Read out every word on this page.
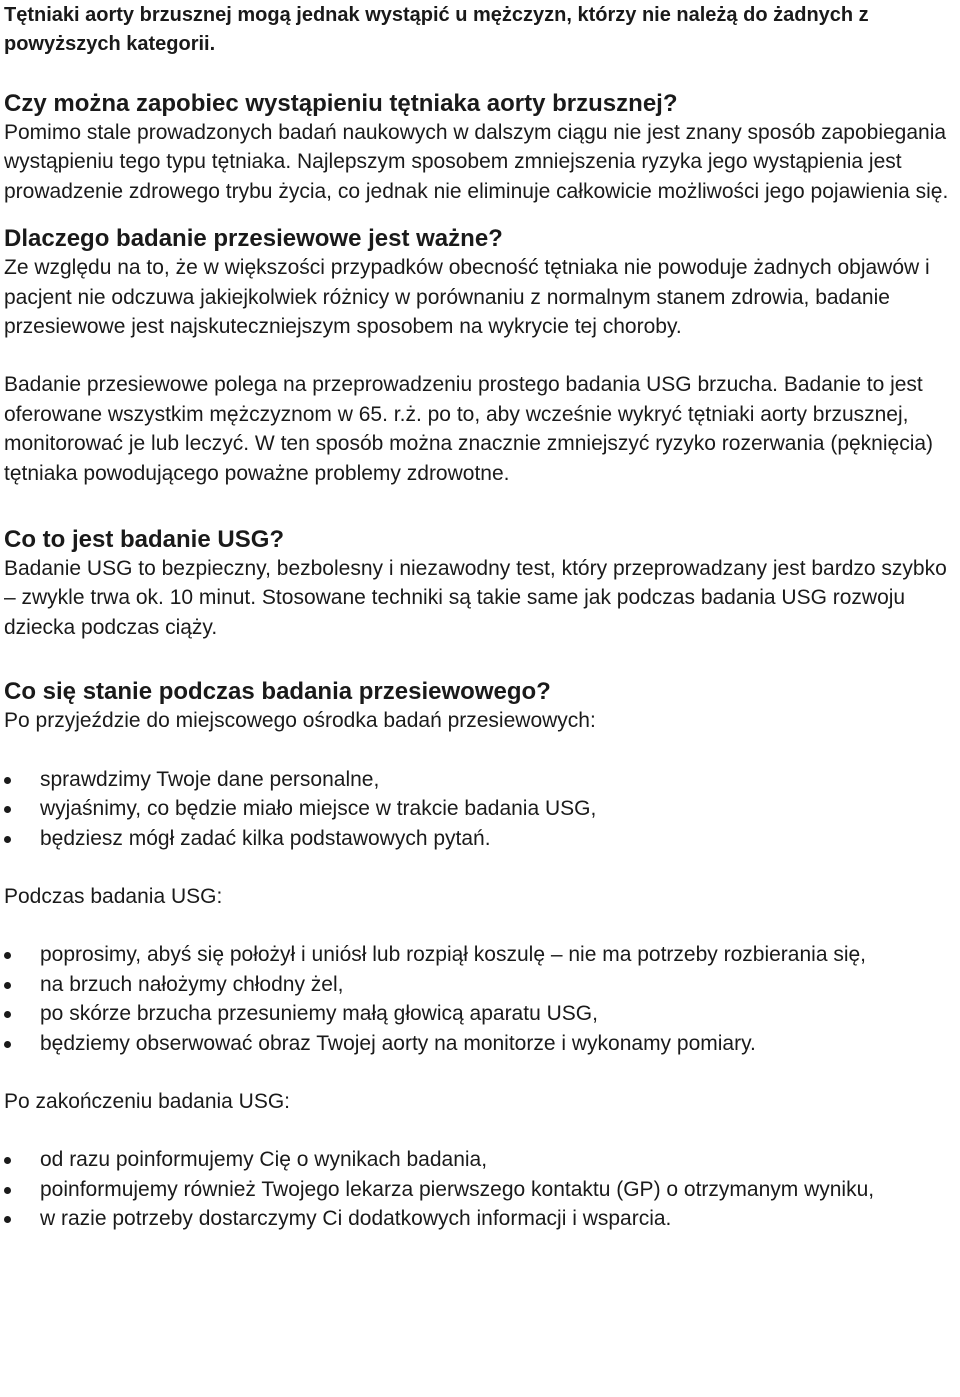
Tętniaki aorty brzusznej mogą jednak wystąpić u mężczyzn, którzy nie należą do żadnych z powyższych kategorii.

Czy można zapobiec wystąpieniu tętniaka aorty brzusznej?

Pomimo stale prowadzonych badań naukowych w dalszym ciągu nie jest znany sposób zapobiegania wystąpieniu tego typu tętniaka. Najlepszym sposobem zmniejszenia ryzyka jego wystąpienia jest prowadzenie zdrowego trybu życia, co jednak nie eliminuje całkowicie możliwości jego pojawienia się.

Dlaczego badanie przesiewowe jest ważne?

Ze względu na to, że w większości przypadków obecność tętniaka nie powoduje żadnych objawów i pacjent nie odczuwa jakiejkolwiek różnicy w porównaniu z normalnym stanem zdrowia, badanie przesiewowe jest najskuteczniejszym sposobem na wykrycie tej choroby.

Badanie przesiewowe polega na przeprowadzeniu prostego badania USG brzucha. Badanie to jest oferowane wszystkim mężczyznom w 65. r.ż. po to, aby wcześnie wykryć tętniaki aorty brzusznej, monitorować je lub leczyć. W ten sposób można znacznie zmniejszyć ryzyko rozerwania (pęknięcia) tętniaka powodującego poważne problemy zdrowotne.

Co to jest badanie USG?

Badanie USG to bezpieczny, bezbolesny i niezawodny test, który przeprowadzany jest bardzo szybko – zwykle trwa ok. 10 minut. Stosowane techniki są takie same jak podczas badania USG rozwoju dziecka podczas ciąży.

Co się stanie podczas badania przesiewowego?

Po przyjeździe do miejscowego ośrodka badań przesiewowych:

sprawdzimy Twoje dane personalne,
wyjaśnimy, co będzie miało miejsce w trakcie badania USG,
będziesz mógł zadać kilka podstawowych pytań.

Podczas badania USG:

poprosimy, abyś się położył i uniósł lub rozpiął koszulę – nie ma potrzeby rozbierania się,
na brzuch nałożymy chłodny żel,
po skórze brzucha przesuniemy małą głowicą aparatu USG,
będziemy obserwować obraz Twojej aorty na monitorze i wykonamy pomiary.

Po zakończeniu badania USG:

od razu poinformujemy Cię o wynikach badania,
poinformujemy również Twojego lekarza pierwszego kontaktu (GP) o otrzymanym wyniku,
w razie potrzeby dostarczymy Ci dodatkowych informacji i wsparcia.
